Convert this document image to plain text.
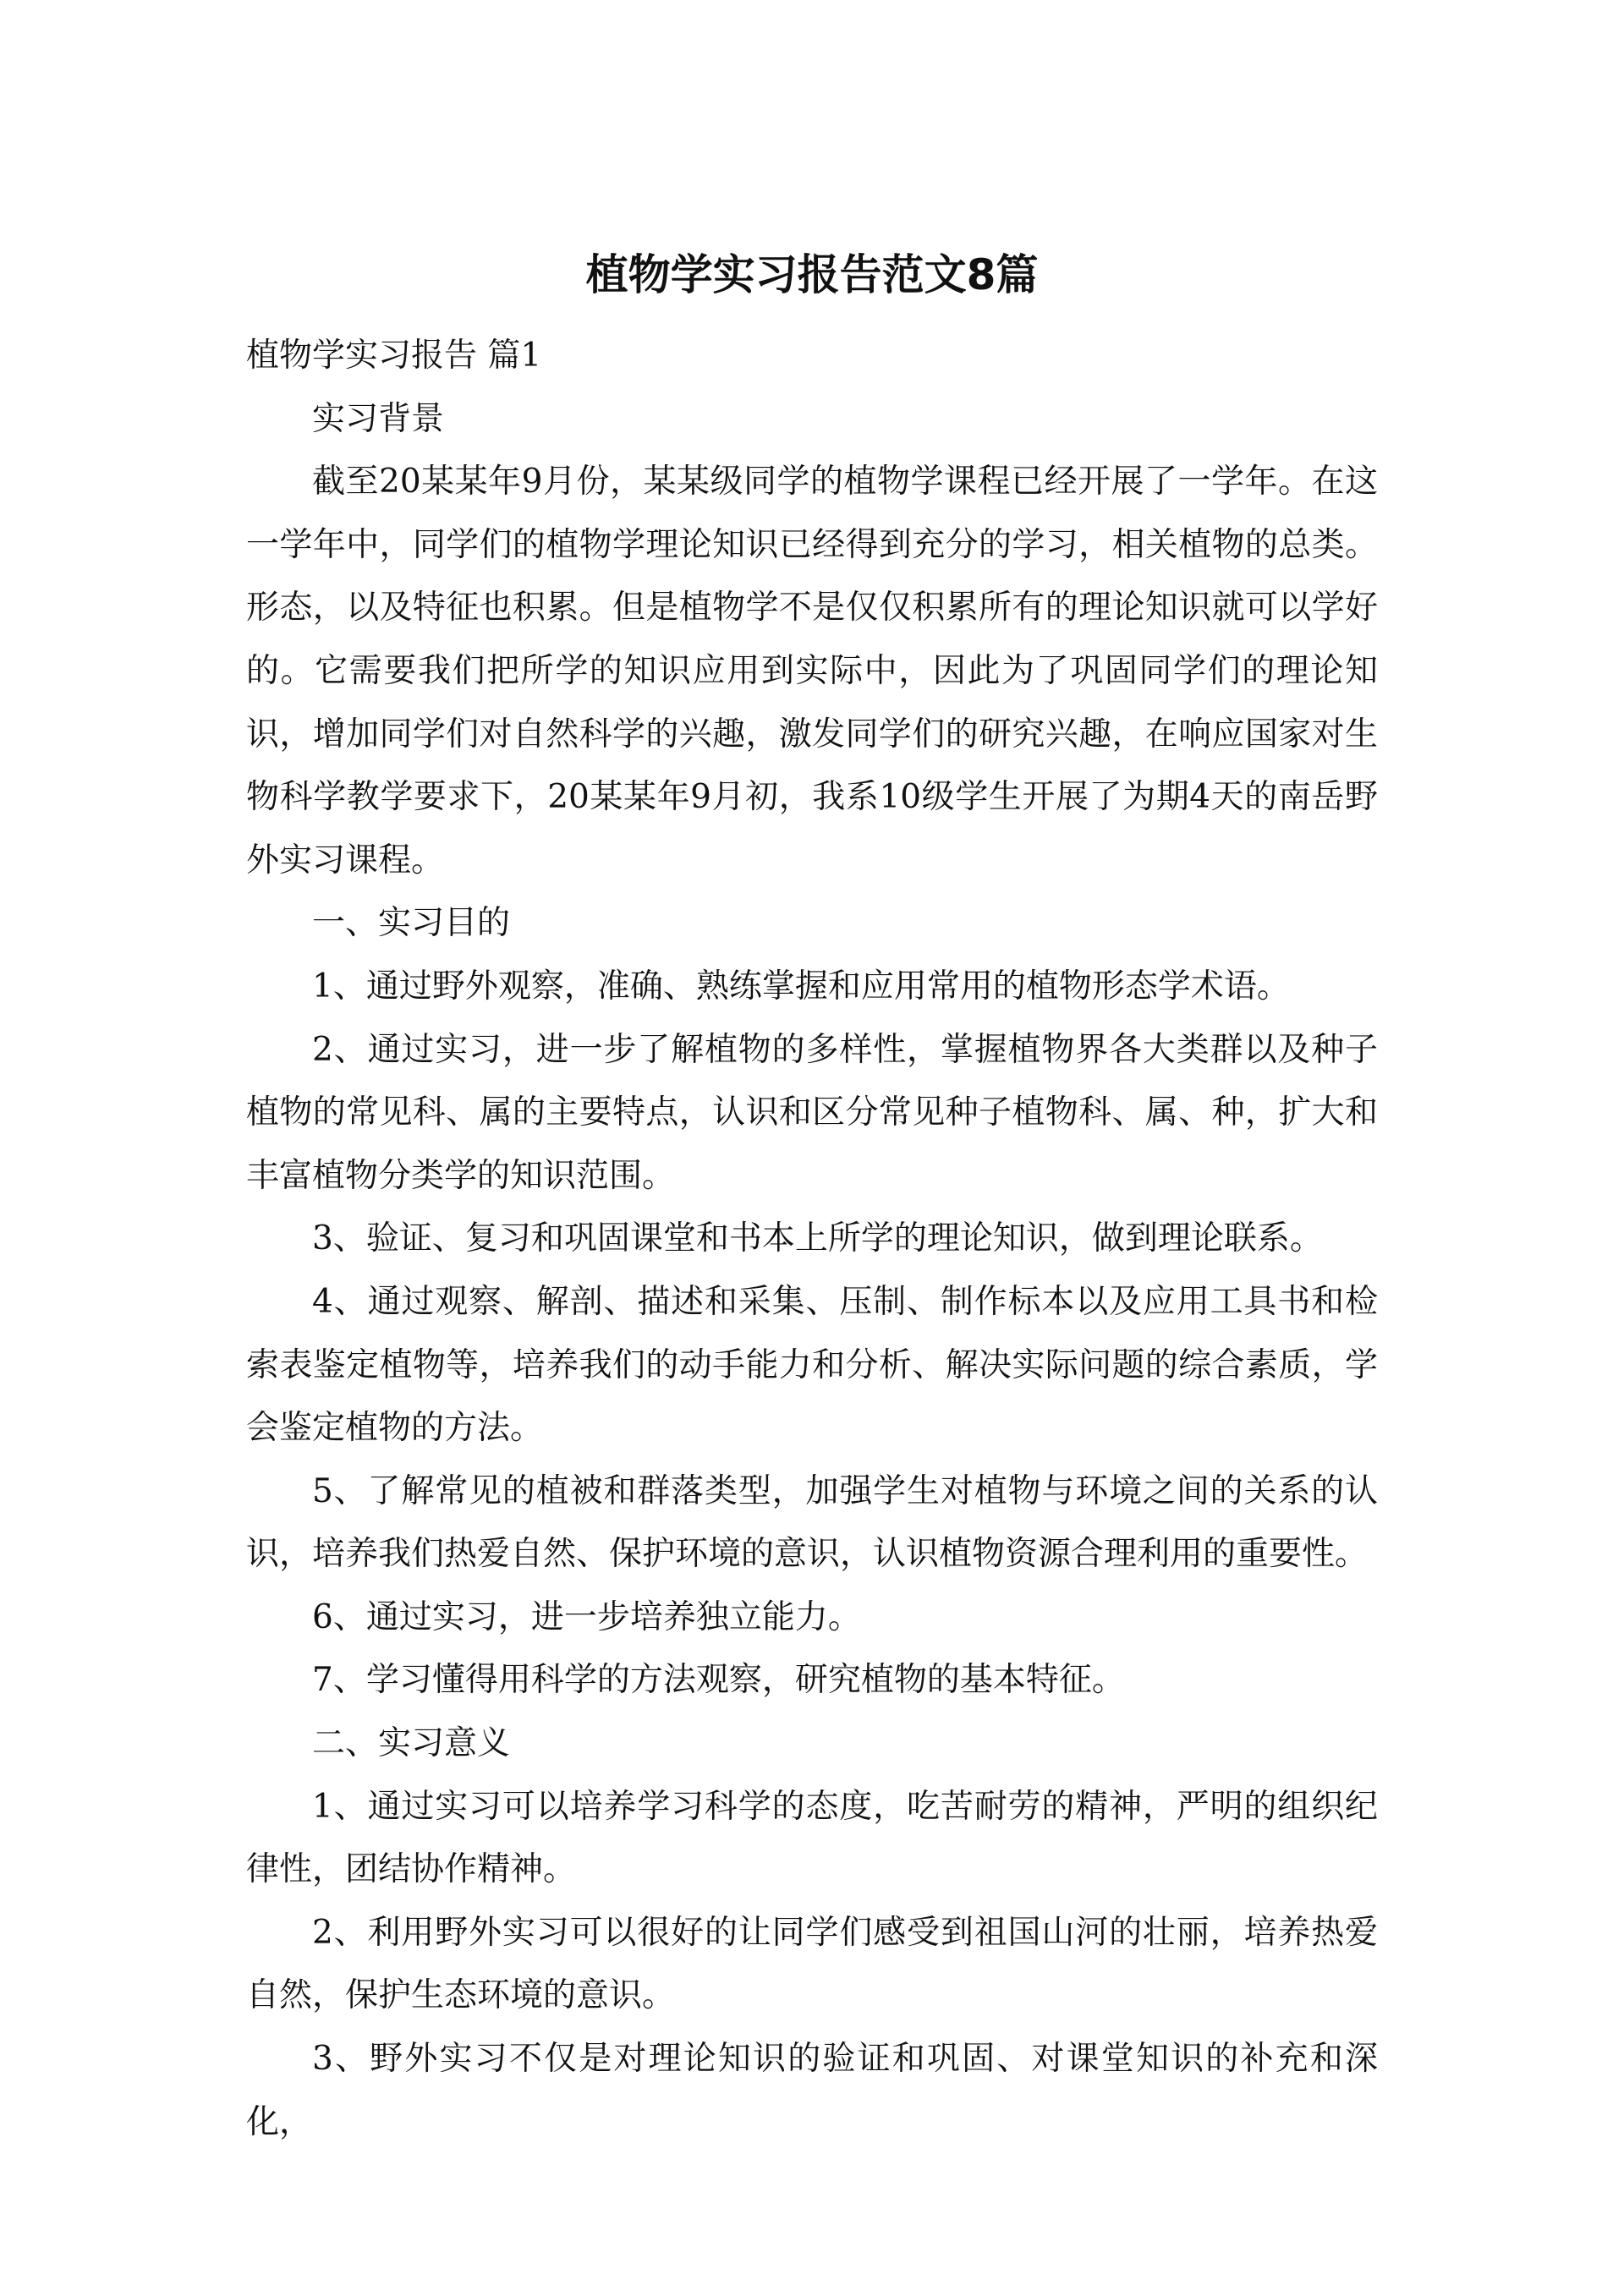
植物学实习报告范文8篇

植物学实习报告 篇1

实习背景

截至20某某年9月份，某某级同学的植物学课程已经开展了一学年。在这一学年中，同学们的植物学理论知识已经得到充分的学习，相关植物的总类。形态，以及特征也积累。但是植物学不是仅仅积累所有的理论知识就可以学好的。它需要我们把所学的知识应用到实际中，因此为了巩固同学们的理论知识，增加同学们对自然科学的兴趣，激发同学们的研究兴趣，在响应国家对生物科学教学要求下，20某某年9月初，我系10级学生开展了为期4天的南岳野外实习课程。

一、实习目的

1、通过野外观察，准确、熟练掌握和应用常用的植物形态学术语。

2、通过实习，进一步了解植物的多样性，掌握植物界各大类群以及种子植物的常见科、属的主要特点，认识和区分常见种子植物科、属、种，扩大和丰富植物分类学的知识范围。

3、验证、复习和巩固课堂和书本上所学的理论知识，做到理论联系。

4、通过观察、解剖、描述和采集、压制、制作标本以及应用工具书和检索表鉴定植物等，培养我们的动手能力和分析、解决实际问题的综合素质，学会鉴定植物的方法。

5、了解常见的植被和群落类型，加强学生对植物与环境之间的关系的认识，培养我们热爱自然、保护环境的意识，认识植物资源合理利用的重要性。

6、通过实习，进一步培养独立能力。

7、学习懂得用科学的方法观察，研究植物的基本特征。

二、实习意义

1、通过实习可以培养学习科学的态度，吃苦耐劳的精神，严明的组织纪律性，团结协作精神。

2、利用野外实习可以很好的让同学们感受到祖国山河的壮丽，培养热爱自然，保护生态环境的意识。

3、野外实习不仅是对理论知识的验证和巩固、对课堂知识的补充和深化，
